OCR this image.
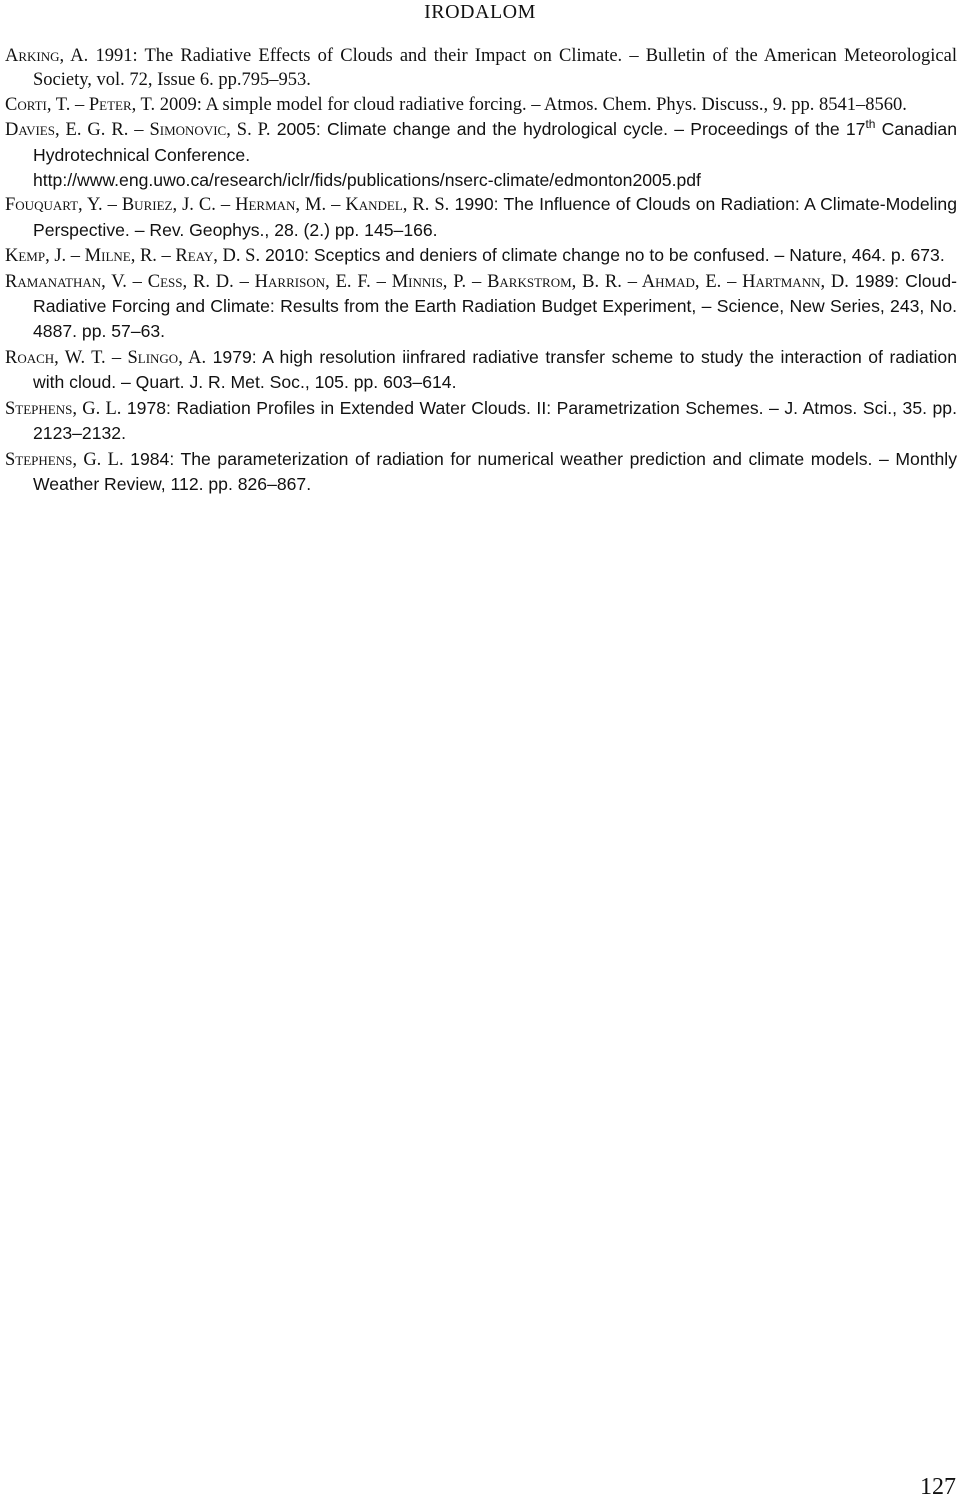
IRODALOM
Arking, A. 1991: The Radiative Effects of Clouds and their Impact on Climate. – Bulletin of the American Meteorological Society, vol. 72, Issue 6. pp.795–953.
Corti, T. – Peter, T. 2009: A simple model for cloud radiative forcing. – Atmos. Chem. Phys. Discuss., 9. pp. 8541–8560.
Davies, E. G. R. – Simonovic, S. P. 2005: Climate change and the hydrological cycle. – Proceedings of the 17th Canadian Hydrotechnical Conference.
http://www.eng.uwo.ca/research/iclr/fids/publications/nserc-climate/edmonton2005.pdf
Fouquart, Y. – Buriez, J. C. – Herman, M. – Kandel, R. S. 1990: The Influence of Clouds on Radiation: A Climate-Modeling Perspective. – Rev. Geophys., 28. (2.) pp. 145–166.
Kemp, J. – Milne, R. – Reay, D. S. 2010: Sceptics and deniers of climate change no to be confused. – Nature, 464. p. 673.
Ramanathan, V. – Cess, R. D. – Harrison, E. F. – Minnis, P. – Barkstrom, B. R. – Ahmad, E. – Hartmann, D. 1989: Cloud-Radiative Forcing and Climate: Results from the Earth Radiation Budget Experiment, – Science, New Series, 243, No. 4887. pp. 57–63.
Roach, W. T. – Slingo, A. 1979: A high resolution iinfrared radiative transfer scheme to study the interaction of radiation with cloud. – Quart. J. R. Met. Soc., 105. pp. 603–614.
Stephens, G. L. 1978: Radiation Profiles in Extended Water Clouds. II: Parametrization Schemes. – J. Atmos. Sci., 35. pp. 2123–2132.
Stephens, G. L. 1984: The parameterization of radiation for numerical weather prediction and climate models. – Monthly Weather Review, 112. pp. 826–867.
127
